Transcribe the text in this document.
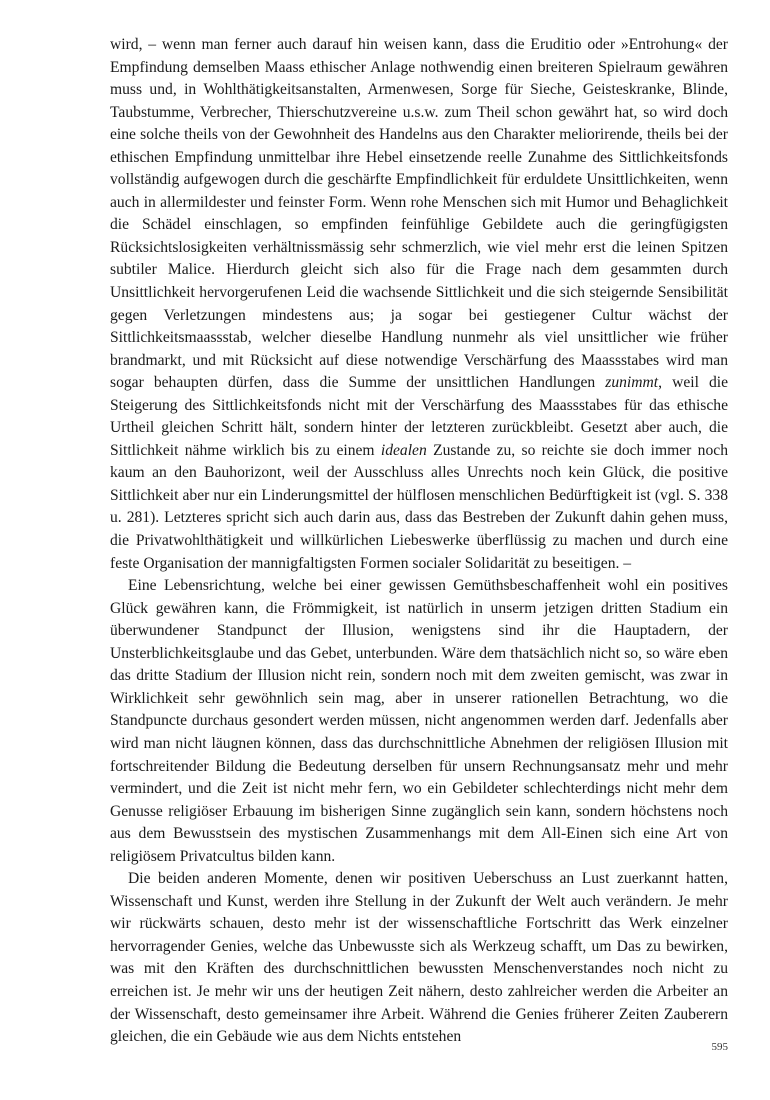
wird, – wenn man ferner auch darauf hin weisen kann, dass die Eruditio oder »Entrohung« der Empfindung demselben Maass ethischer Anlage nothwendig einen breiteren Spielraum gewähren muss und, in Wohlthätigkeitsanstalten, Armenwesen, Sorge für Sieche, Geisteskranke, Blinde, Taubstumme, Verbrecher, Thierschutzvereine u.s.w. zum Theil schon gewährt hat, so wird doch eine solche theils von der Gewohnheit des Handelns aus den Charakter meliorirende, theils bei der ethischen Empfindung unmittelbar ihre Hebel einsetzende reelle Zunahme des Sittlichkeitsfonds vollständig aufgewogen durch die geschärfte Empfindlichkeit für erduldete Unsittlichkeiten, wenn auch in allermildester und feinster Form. Wenn rohe Menschen sich mit Humor und Behaglichkeit die Schädel einschlagen, so empfinden feinfühlige Gebildete auch die geringfügigsten Rücksichtslosigkeiten verhältnissmässig sehr schmerzlich, wie viel mehr erst die leinen Spitzen subtiler Malice. Hierdurch gleicht sich also für die Frage nach dem gesammten durch Unsittlichkeit hervorgerufenen Leid die wachsende Sittlichkeit und die sich steigernde Sensibilität gegen Verletzungen mindestens aus; ja sogar bei gestiegener Cultur wächst der Sittlichkeitsmaassstab, welcher dieselbe Handlung nunmehr als viel unsittlicher wie früher brandmarkt, und mit Rücksicht auf diese notwendige Verschärfung des Maassstabes wird man sogar behaupten dürfen, dass die Summe der unsittlichen Handlungen zunimmt, weil die Steigerung des Sittlichkeitsfonds nicht mit der Verschärfung des Maassstabes für das ethische Urtheil gleichen Schritt hält, sondern hinter der letzteren zurückbleibt. Gesetzt aber auch, die Sittlichkeit nähme wirklich bis zu einem idealen Zustande zu, so reichte sie doch immer noch kaum an den Bauhorizont, weil der Ausschluss alles Unrechts noch kein Glück, die positive Sittlichkeit aber nur ein Linderungsmittel der hülflosen menschlichen Bedürftigkeit ist (vgl. S. 338 u. 281). Letzteres spricht sich auch darin aus, dass das Bestreben der Zukunft dahin gehen muss, die Privatwohlthätigkeit und willkürlichen Liebeswerke überflüssig zu machen und durch eine feste Organisation der mannigfaltigsten Formen socialer Solidarität zu beseitigen. –

Eine Lebensrichtung, welche bei einer gewissen Gemüthsbeschaffenheit wohl ein positives Glück gewähren kann, die Frömmigkeit, ist natürlich in unserm jetzigen dritten Stadium ein überwundener Standpunct der Illusion, wenigstens sind ihr die Hauptadern, der Unsterblichkeitsglaube und das Gebet, unterbunden. Wäre dem thatsächlich nicht so, so wäre eben das dritte Stadium der Illusion nicht rein, sondern noch mit dem zweiten gemischt, was zwar in Wirklichkeit sehr gewöhnlich sein mag, aber in unserer rationellen Betrachtung, wo die Standpuncte durchaus gesondert werden müssen, nicht angenommen werden darf. Jedenfalls aber wird man nicht läugnen können, dass das durchschnittliche Abnehmen der religiösen Illusion mit fortschreitender Bildung die Bedeutung derselben für unsern Rechnungsansatz mehr und mehr vermindert, und die Zeit ist nicht mehr fern, wo ein Gebildeter schlechterdings nicht mehr dem Genusse religiöser Erbauung im bisherigen Sinne zugänglich sein kann, sondern höchstens noch aus dem Bewusstsein des mystischen Zusammenhangs mit dem All-Einen sich eine Art von religiösem Privatcultus bilden kann.

Die beiden anderen Momente, denen wir positiven Ueberschuss an Lust zuerkannt hatten, Wissenschaft und Kunst, werden ihre Stellung in der Zukunft der Welt auch verändern. Je mehr wir rückwärts schauen, desto mehr ist der wissenschaftliche Fortschritt das Werk einzelner hervorragender Genies, welche das Unbewusste sich als Werkzeug schafft, um Das zu bewirken, was mit den Kräften des durchschnittlichen bewussten Menschenverstandes noch nicht zu erreichen ist. Je mehr wir uns der heutigen Zeit nähern, desto zahlreicher werden die Arbeiter an der Wissenschaft, desto gemeinsamer ihre Arbeit. Während die Genies früherer Zeiten Zauberern gleichen, die ein Gebäude wie aus dem Nichts entstehen

595
